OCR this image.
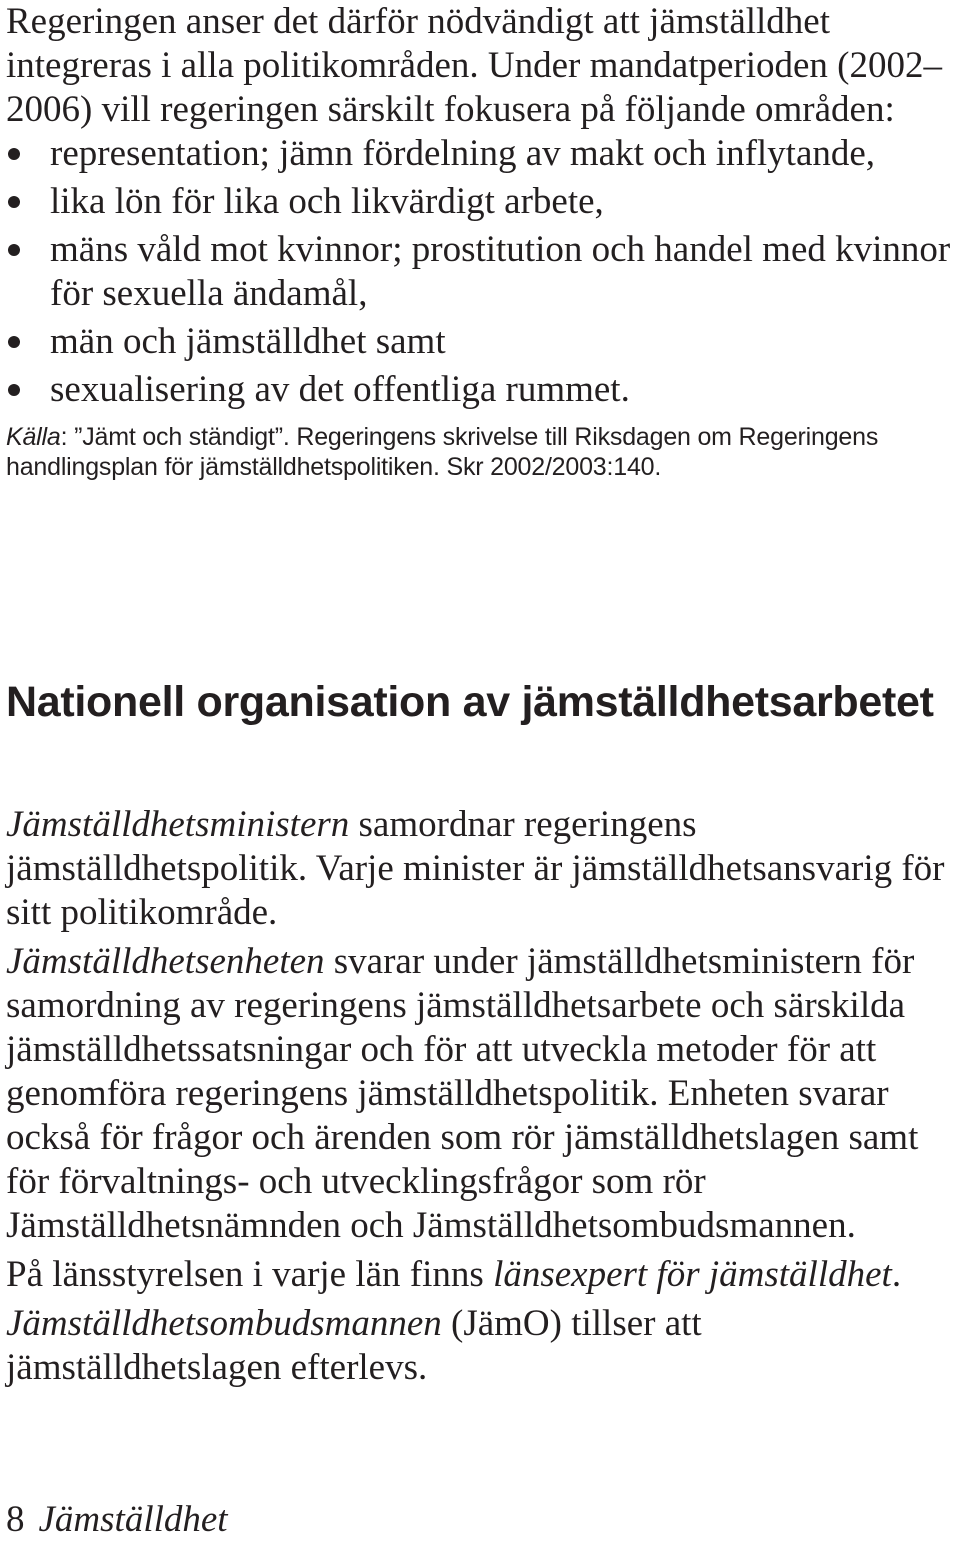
Regeringen anser det därför nödvändigt att jämställdhet integreras i alla politikområden. Under mandatperioden (2002–2006) vill regeringen särskilt fokusera på följande områden:

representation; jämn fördelning av makt och inflytande,
lika lön för lika och likvärdigt arbete,
mäns våld mot kvinnor; prostitution och handel med kvinnor för sexuella ändamål,
män och jämställdhet samt
sexualisering av det offentliga rummet.
Källa: ”Jämt och ständigt”. Regeringens skrivelse till Riksdagen om Regeringens handlingsplan för jämställdhetspolitiken. Skr 2002/2003:140.
Nationell organisation av jämställdhetsarbetet

Jämställdhetsministern samordnar regeringens jämställdhetspolitik. Varje minister är jämställdhetsansvarig för sitt politikområde.

Jämställdhetsenheten svarar under jämställdhetsministern för samordning av regeringens jämställdhetsarbete och särskilda jämställdhetssatsningar och för att utveckla metoder för att genomföra regeringens jämställdhetspolitik. Enheten svarar också för frågor och ärenden som rör jämställdhetslagen samt för förvaltnings- och utvecklingsfrågor som rör Jämställdhetsnämnden och Jämställdhetsombudsmannen.

På länsstyrelsen i varje län finns länsexpert för jämställdhet.

Jämställdhetsombudsmannen (JämO) tillser att jämställdhetslagen efterlevs.

8 Jämställdhet
